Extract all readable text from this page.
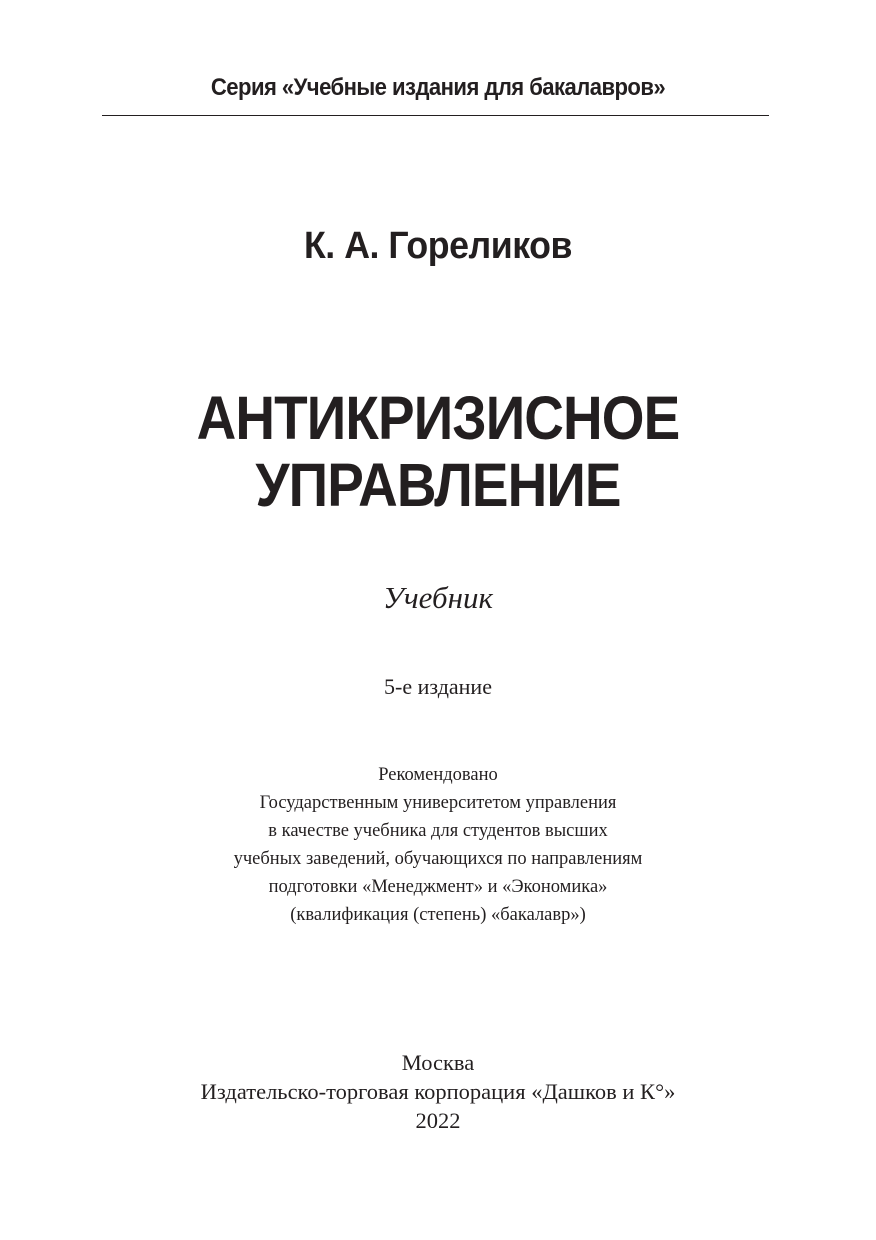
Серия «Учебные издания для бакалавров»
К. А. Гореликов
АНТИКРИЗИСНОЕ
УПРАВЛЕНИЕ
Учебник
5-е издание
Рекомендовано
Государственным университетом управления
в качестве учебника для студентов высших
учебных заведений, обучающихся по направлениям
подготовки «Менеджмент» и «Экономика»
(квалификация (степень) «бакалавр»)
Москва
Издательско-торговая корпорация «Дашков и К°»
2022
